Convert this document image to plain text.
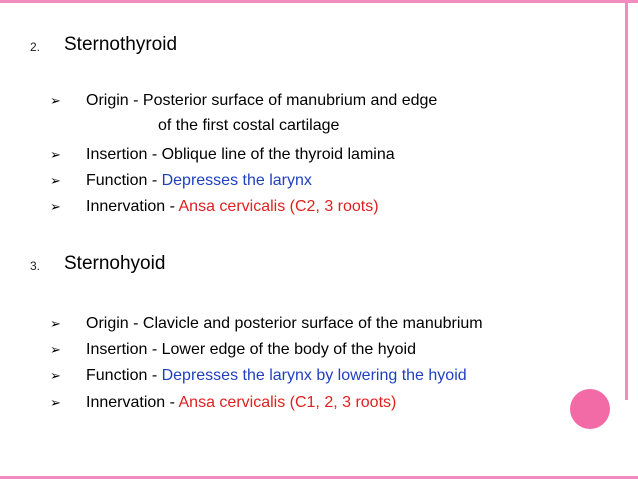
2. Sternothyroid
➢ Origin - Posterior surface of manubrium and edge
of the first costal cartilage
➢ Insertion - Oblique line of the thyroid lamina
➢ Function - Depresses the larynx
➢ Innervation - Ansa cervicalis (C2, 3 roots)
3. Sternohyoid
➢ Origin - Clavicle and posterior surface of the manubrium
➢ Insertion - Lower edge of the body of the hyoid
➢ Function - Depresses the larynx by lowering the hyoid
➢ Innervation - Ansa cervicalis (C1, 2, 3 roots)
